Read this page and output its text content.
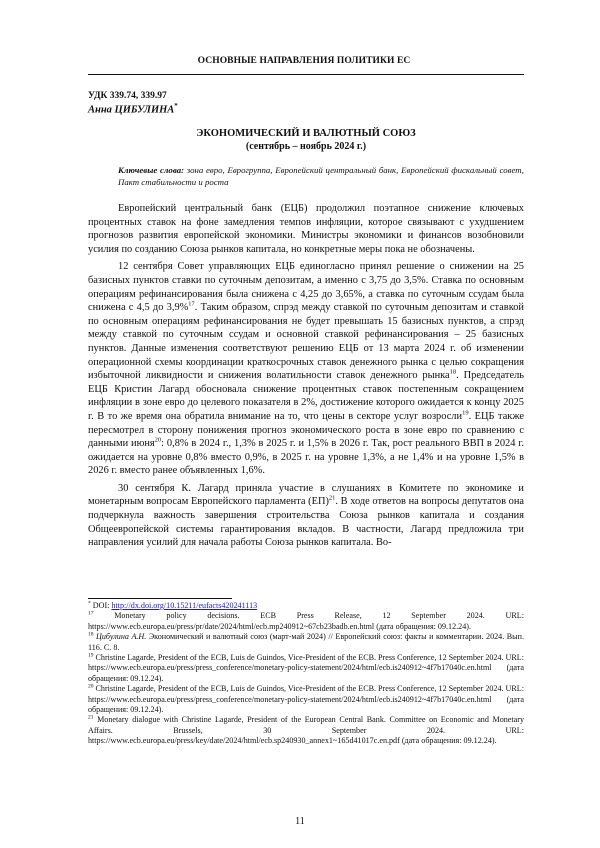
ОСНОВНЫЕ НАПРАВЛЕНИЯ ПОЛИТИКИ ЕС
УДК 339.74, 339.97
Анна ЦИБУЛИНА*
ЭКОНОМИЧЕСКИЙ И ВАЛЮТНЫЙ СОЮЗ
(сентябрь – ноябрь 2024 г.)
Ключевые слова: зона евро, Еврогруппа, Европейский центральный банк, Европейский фискальный совет, Пакт стабильности и роста

Европейский центральный банк (ЕЦБ) продолжил поэтапное снижение ключевых процентных ставок на фоне замедления темпов инфляции, которое связывают с ухудшением прогнозов развития европейской экономики. Министры экономики и финансов возобновили усилия по созданию Союза рынков капитала, но конкретные меры пока не обозначены.

12 сентября Совет управляющих ЕЦБ единогласно принял решение о снижении на 25 базисных пунктов ставки по суточным депозитам, а именно с 3,75 до 3,5%. Ставка по основным операциям рефинансирования была снижена с 4,25 до 3,65%, а ставка по суточным ссудам была снижена с 4,5 до 3,9%$^{17}$. Таким образом, спрэд между ставкой по суточным депозитам и ставкой по основным операциям рефинансирования не будет превышать 15 базисных пунктов, а спрэд между ставкой по суточным ссудам и основной ставкой рефинансирования – 25 базисных пунктов. Данные изменения соответствуют решению ЕЦБ от 13 марта 2024 г. об изменении операционной схемы координации краткосрочных ставок денежного рынка с целью сокращения избыточной ликвидности и снижения волатильности ставок денежного рынка$^{18}$. Председатель ЕЦБ Кристин Лагард обосновала снижение процентных ставок постепенным сокращением инфляции в зоне евро до целевого показателя в 2%, достижение которого ожидается к концу 2025 г. В то же время она обратила внимание на то, что цены в секторе услуг возросли$^{19}$. ЕЦБ также пересмотрел в сторону понижения прогноз экономического роста в зоне евро по сравнению с данными июня$^{20}$: 0,8% в 2024 г., 1,3% в 2025 г. и 1,5% в 2026 г. Так, рост реального ВВП в 2024 г. ожидается на уровне 0,8% вместо 0,9%, в 2025 г. на уровне 1,3%, а не 1,4% и на уровне 1,5% в 2026 г. вместо ранее объявленных 1,6%.

30 сентября К. Лагард приняла участие в слушаниях в Комитете по экономике и монетарным вопросам Европейского парламента (ЕП)$^{21}$. В ходе ответов на вопросы депутатов она подчеркнула важность завершения строительства Союза рынков капитала и создания Общеевропейской системы гарантирования вкладов. В частности, Лагард предложила три направления усилий для начала работы Союза рынков капитала. Во-

* DOI: http://dx.doi.org/10.15211/eufacts420241113
$^{17}$ Monetary policy decisions. ECB Press Release, 12 September 2024. URL: https://www.ecb.europa.eu/press/pr/date/2024/html/ecb.mp240912~67cb23badb.en.html (дата обращения: 09.12.24).
$^{18}$ Цибулина А.Н. Экономический и валютный союз (март-май 2024) // Европейский союз: факты и комментарии. 2024. Вып. 116. С. 8.
$^{19}$ Christine Lagarde, President of the ECB, Luis de Guindos, Vice-President of the ECB. Press Conference, 12 September 2024. URL: https://www.ecb.europa.eu/press/press_conference/monetary-policy-statement/2024/html/ecb.is240912~4f7b17040c.en.html (дата обращения: 09.12.24).
$^{20}$ Christine Lagarde, President of the ECB, Luis de Guindos, Vice-President of the ECB. Press Conference, 12 September 2024. URL: https://www.ecb.europa.eu/press/press_conference/monetary-policy-statement/2024/html/ecb.is240912~4f7b17040c.en.html (дата обращения: 09.12.24).
$^{21}$ Monetary dialogue with Christine Lagarde, President of the European Central Bank. Committee on Economic and Monetary Affairs. Brussels, 30 September 2024. URL: https://www.ecb.europa.eu/press/key/date/2024/html/ecb.sp240930_annex1~165d41017c.en.pdf (дата обращения: 09.12.24).
11
